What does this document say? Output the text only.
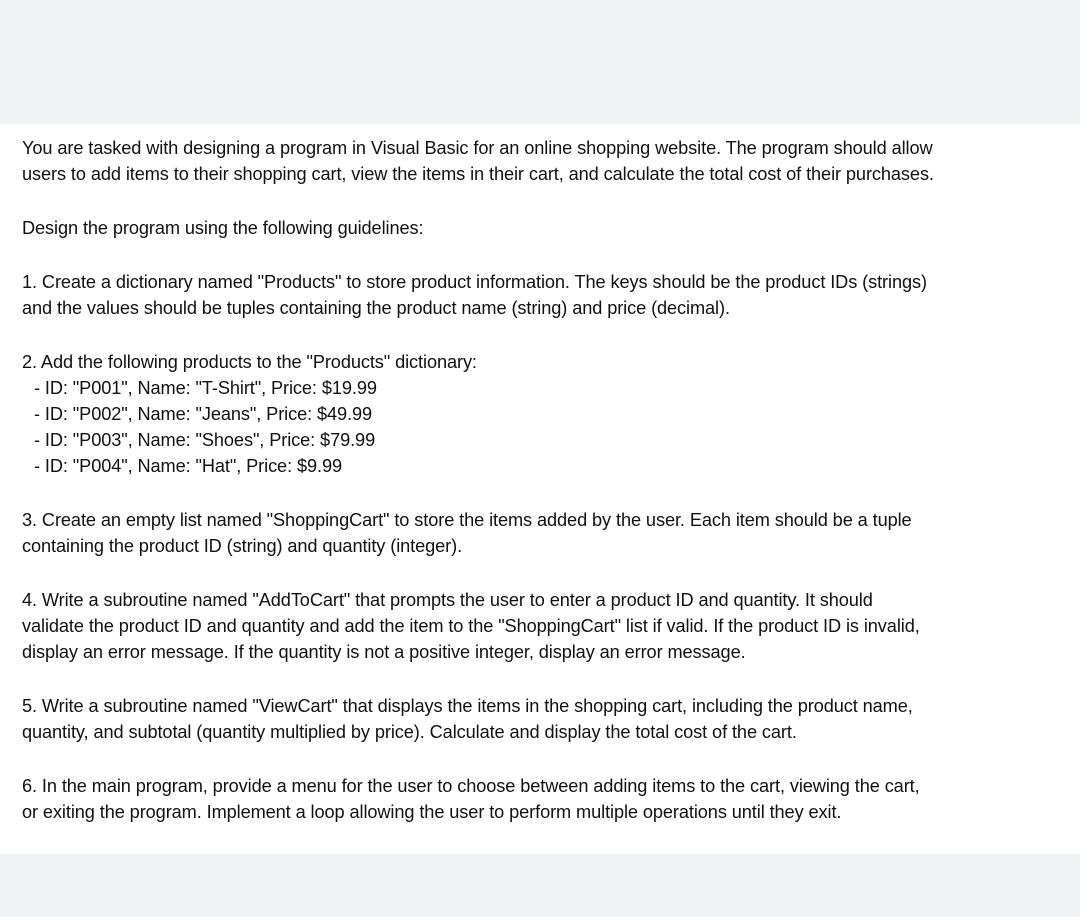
You are tasked with designing a program in Visual Basic for an online shopping website. The program should allow
users to add items to their shopping cart, view the items in their cart, and calculate the total cost of their purchases.
Design the program using the following guidelines:
1. Create a dictionary named "Products" to store product information. The keys should be the product IDs (strings)
and the values should be tuples containing the product name (string) and price (decimal).
2. Add the following products to the "Products" dictionary:
- ID: "P001", Name: "T-Shirt", Price: $19.99
- ID: "P002", Name: "Jeans", Price: $49.99
- ID: "P003", Name: "Shoes", Price: $79.99
- ID: "P004", Name: "Hat", Price: $9.99
3. Create an empty list named "ShoppingCart" to store the items added by the user. Each item should be a tuple
containing the product ID (string) and quantity (integer).
4. Write a subroutine named "AddToCart" that prompts the user to enter a product ID and quantity. It should
validate the product ID and quantity and add the item to the "ShoppingCart" list if valid. If the product ID is invalid,
display an error message. If the quantity is not a positive integer, display an error message.
5. Write a subroutine named "ViewCart" that displays the items in the shopping cart, including the product name,
quantity, and subtotal (quantity multiplied by price). Calculate and display the total cost of the cart.
6. In the main program, provide a menu for the user to choose between adding items to the cart, viewing the cart,
or exiting the program. Implement a loop allowing the user to perform multiple operations until they exit.
